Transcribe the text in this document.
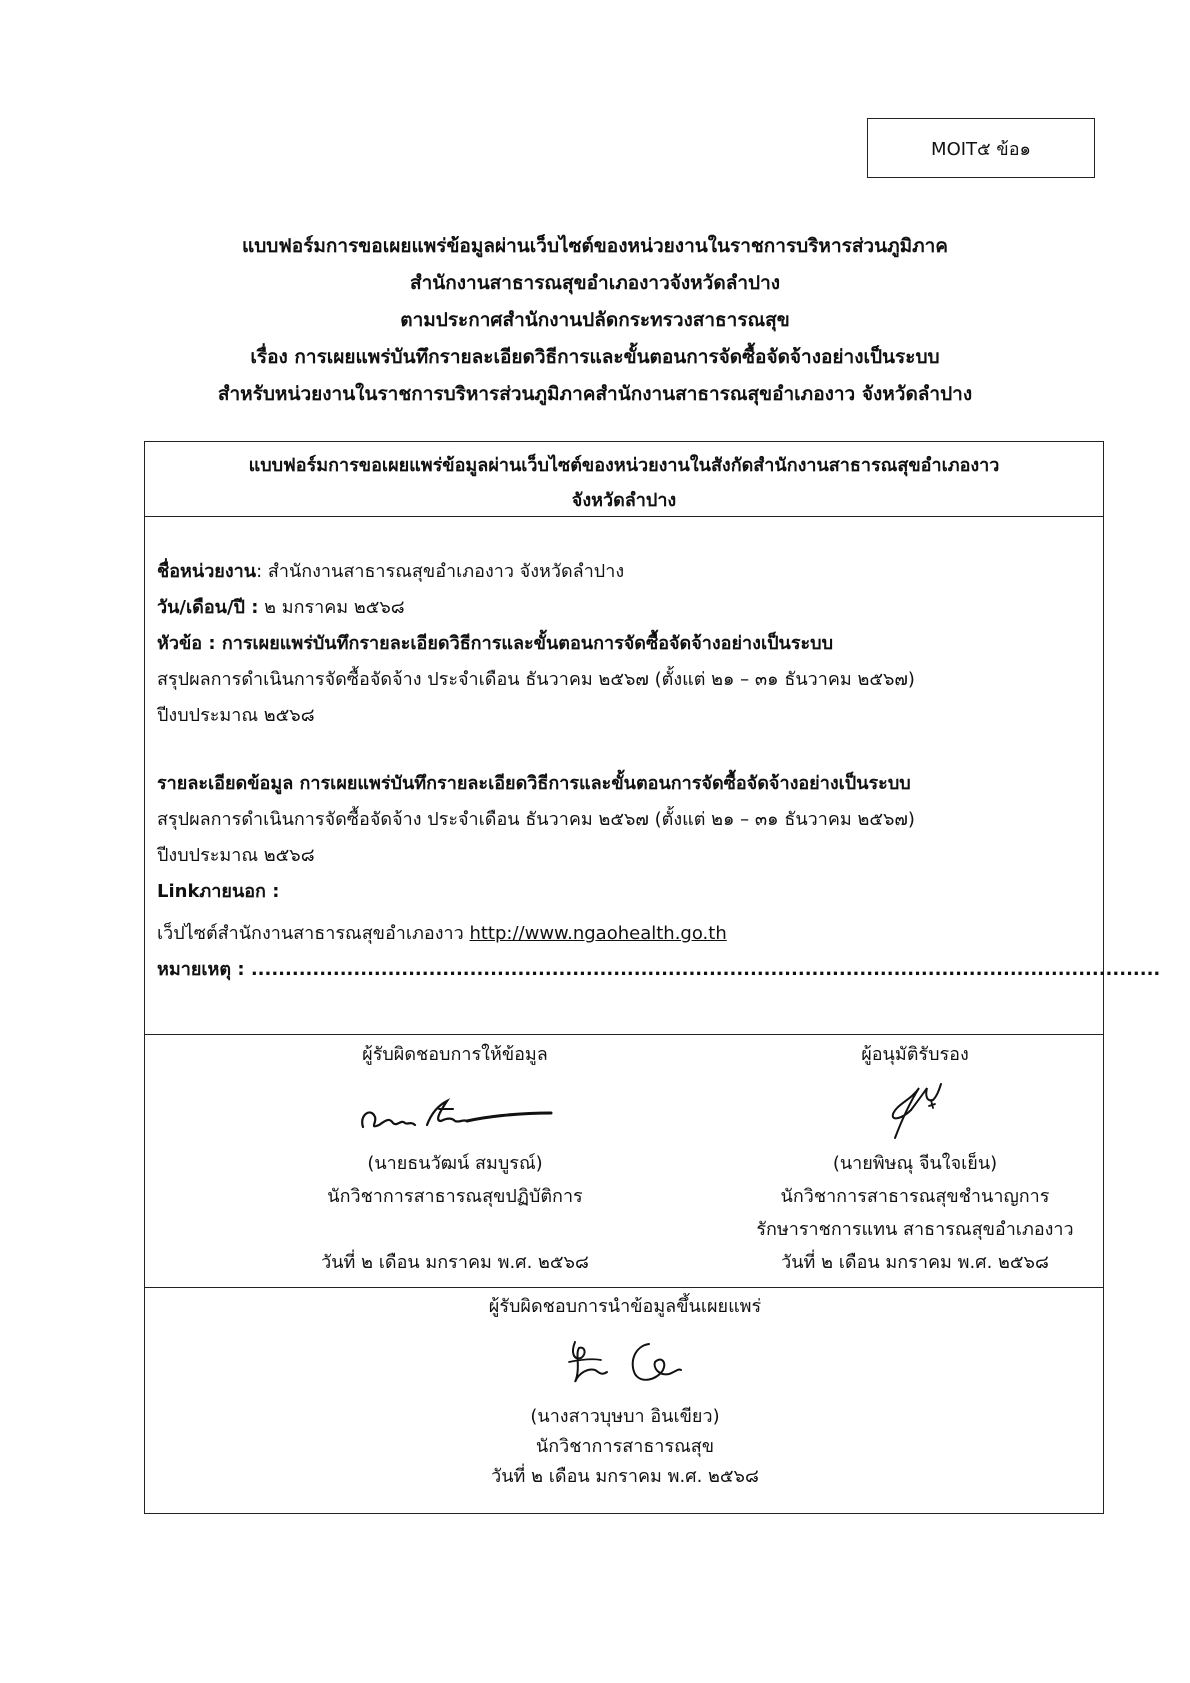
MOIT๕ ข้อ๑
แบบฟอร์มการขอเผยแพร่ข้อมูลผ่านเว็บไซต์ของหน่วยงานในราชการบริหารส่วนภูมิภาค
สำนักงานสาธารณสุขอำเภองาวจังหวัดลำปาง
ตามประกาศสำนักงานปลัดกระทรวงสาธารณสุข
เรื่อง การเผยแพร่บันทึกรายละเอียดวิธีการและขั้นตอนการจัดซื้อจัดจ้างอย่างเป็นระบบ
สำหรับหน่วยงานในราชการบริหารส่วนภูมิภาคสำนักงานสาธารณสุขอำเภองาว จังหวัดลำปาง
แบบฟอร์มการขอเผยแพร่ข้อมูลผ่านเว็บไซต์ของหน่วยงานในสังกัดสำนักงานสาธารณสุขอำเภองาว
จังหวัดลำปาง
ชื่อหน่วยงาน: สำนักงานสาธารณสุขอำเภองาว จังหวัดลำปาง
วัน/เดือน/ปี : ๒ มกราคม ๒๕๖๘
หัวข้อ : การเผยแพร่บันทึกรายละเอียดวิธีการและขั้นตอนการจัดซื้อจัดจ้างอย่างเป็นระบบ
สรุปผลการดำเนินการจัดซื้อจัดจ้าง ประจำเดือน ธันวาคม ๒๕๖๗ (ตั้งแต่ ๒๑ – ๓๑ ธันวาคม ๒๕๖๗)
ปีงบประมาณ ๒๕๖๘
รายละเอียดข้อมูล การเผยแพร่บันทึกรายละเอียดวิธีการและขั้นตอนการจัดซื้อจัดจ้างอย่างเป็นระบบ
สรุปผลการดำเนินการจัดซื้อจัดจ้าง ประจำเดือน ธันวาคม ๒๕๖๗ (ตั้งแต่ ๒๑ – ๓๑ ธันวาคม ๒๕๖๗)
ปีงบประมาณ ๒๕๖๘
Linkภายนอก :
เว็ปไซต์สำนักงานสาธารณสุขอำเภองาว http://www.ngaohealth.go.th
หมายเหตุ : .....................................................................................................................................
ผู้รับผิดชอบการให้ข้อมูล
(นายธนวัฒน์ สมบูรณ์)
นักวิชาการสาธารณสุขปฏิบัติการ
วันที่ ๒ เดือน มกราคม พ.ศ. ๒๕๖๘
ผู้อนุมัติรับรอง
(นายพิษณุ จีนใจเย็น)
นักวิชาการสาธารณสุขชำนาญการ
รักษาราชการแทน สาธารณสุขอำเภองาว
วันที่ ๒ เดือน มกราคม พ.ศ. ๒๕๖๘
ผู้รับผิดชอบการนำข้อมูลขึ้นเผยแพร่
(นางสาวบุษบา อินเขียว)
นักวิชาการสาธารณสุข
วันที่ ๒ เดือน มกราคม พ.ศ. ๒๕๖๘
